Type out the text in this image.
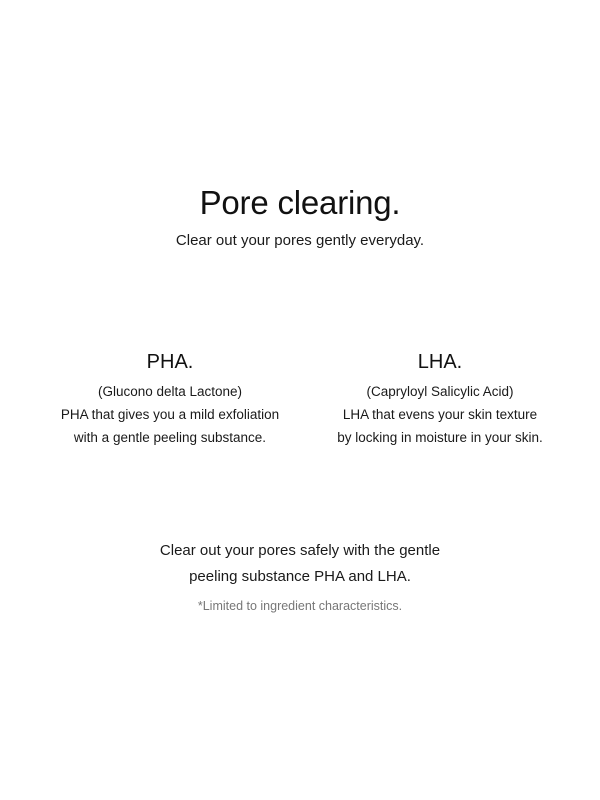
Pore clearing.
Clear out your pores gently everyday.
PHA.
(Glucono delta Lactone)
PHA that gives you a mild exfoliation
with a gentle peeling substance.
LHA.
(Capryloyl Salicylic Acid)
LHA that evens your skin texture
by locking in moisture in your skin.
Clear out your pores safely with the gentle
peeling substance PHA and LHA.
*Limited to ingredient characteristics.
